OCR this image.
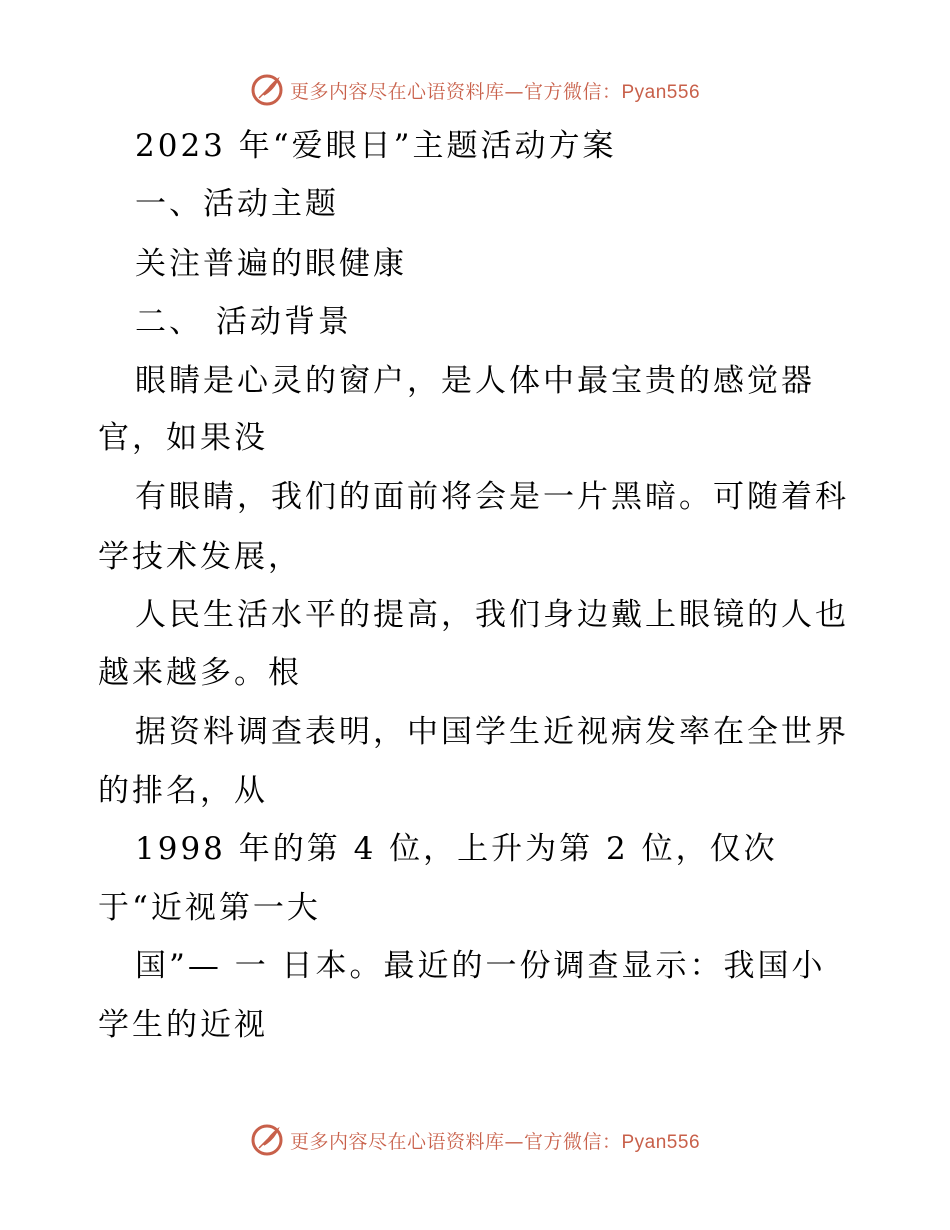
更多内容尽在心语资料库—官方微信：Pyan556
2023 年“爱眼日”主题活动方案
一、活动主题
关注普遍的眼健康
二、 活动背景
眼睛是心灵的窗户，是人体中最宝贵的感觉器
官，如果没
有眼睛，我们的面前将会是一片黑暗。可随着科
学技术发展，
人民生活水平的提高，我们身边戴上眼镜的人也
越来越多。根
据资料调查表明，中国学生近视病发率在全世界
的排名，从
1998 年的第 4 位，上升为第 2 位，仅次
于“近视第一大
国”— 一 日本。最近的一份调查显示：我国小
学生的近视
更多内容尽在心语资料库—官方微信：Pyan556
